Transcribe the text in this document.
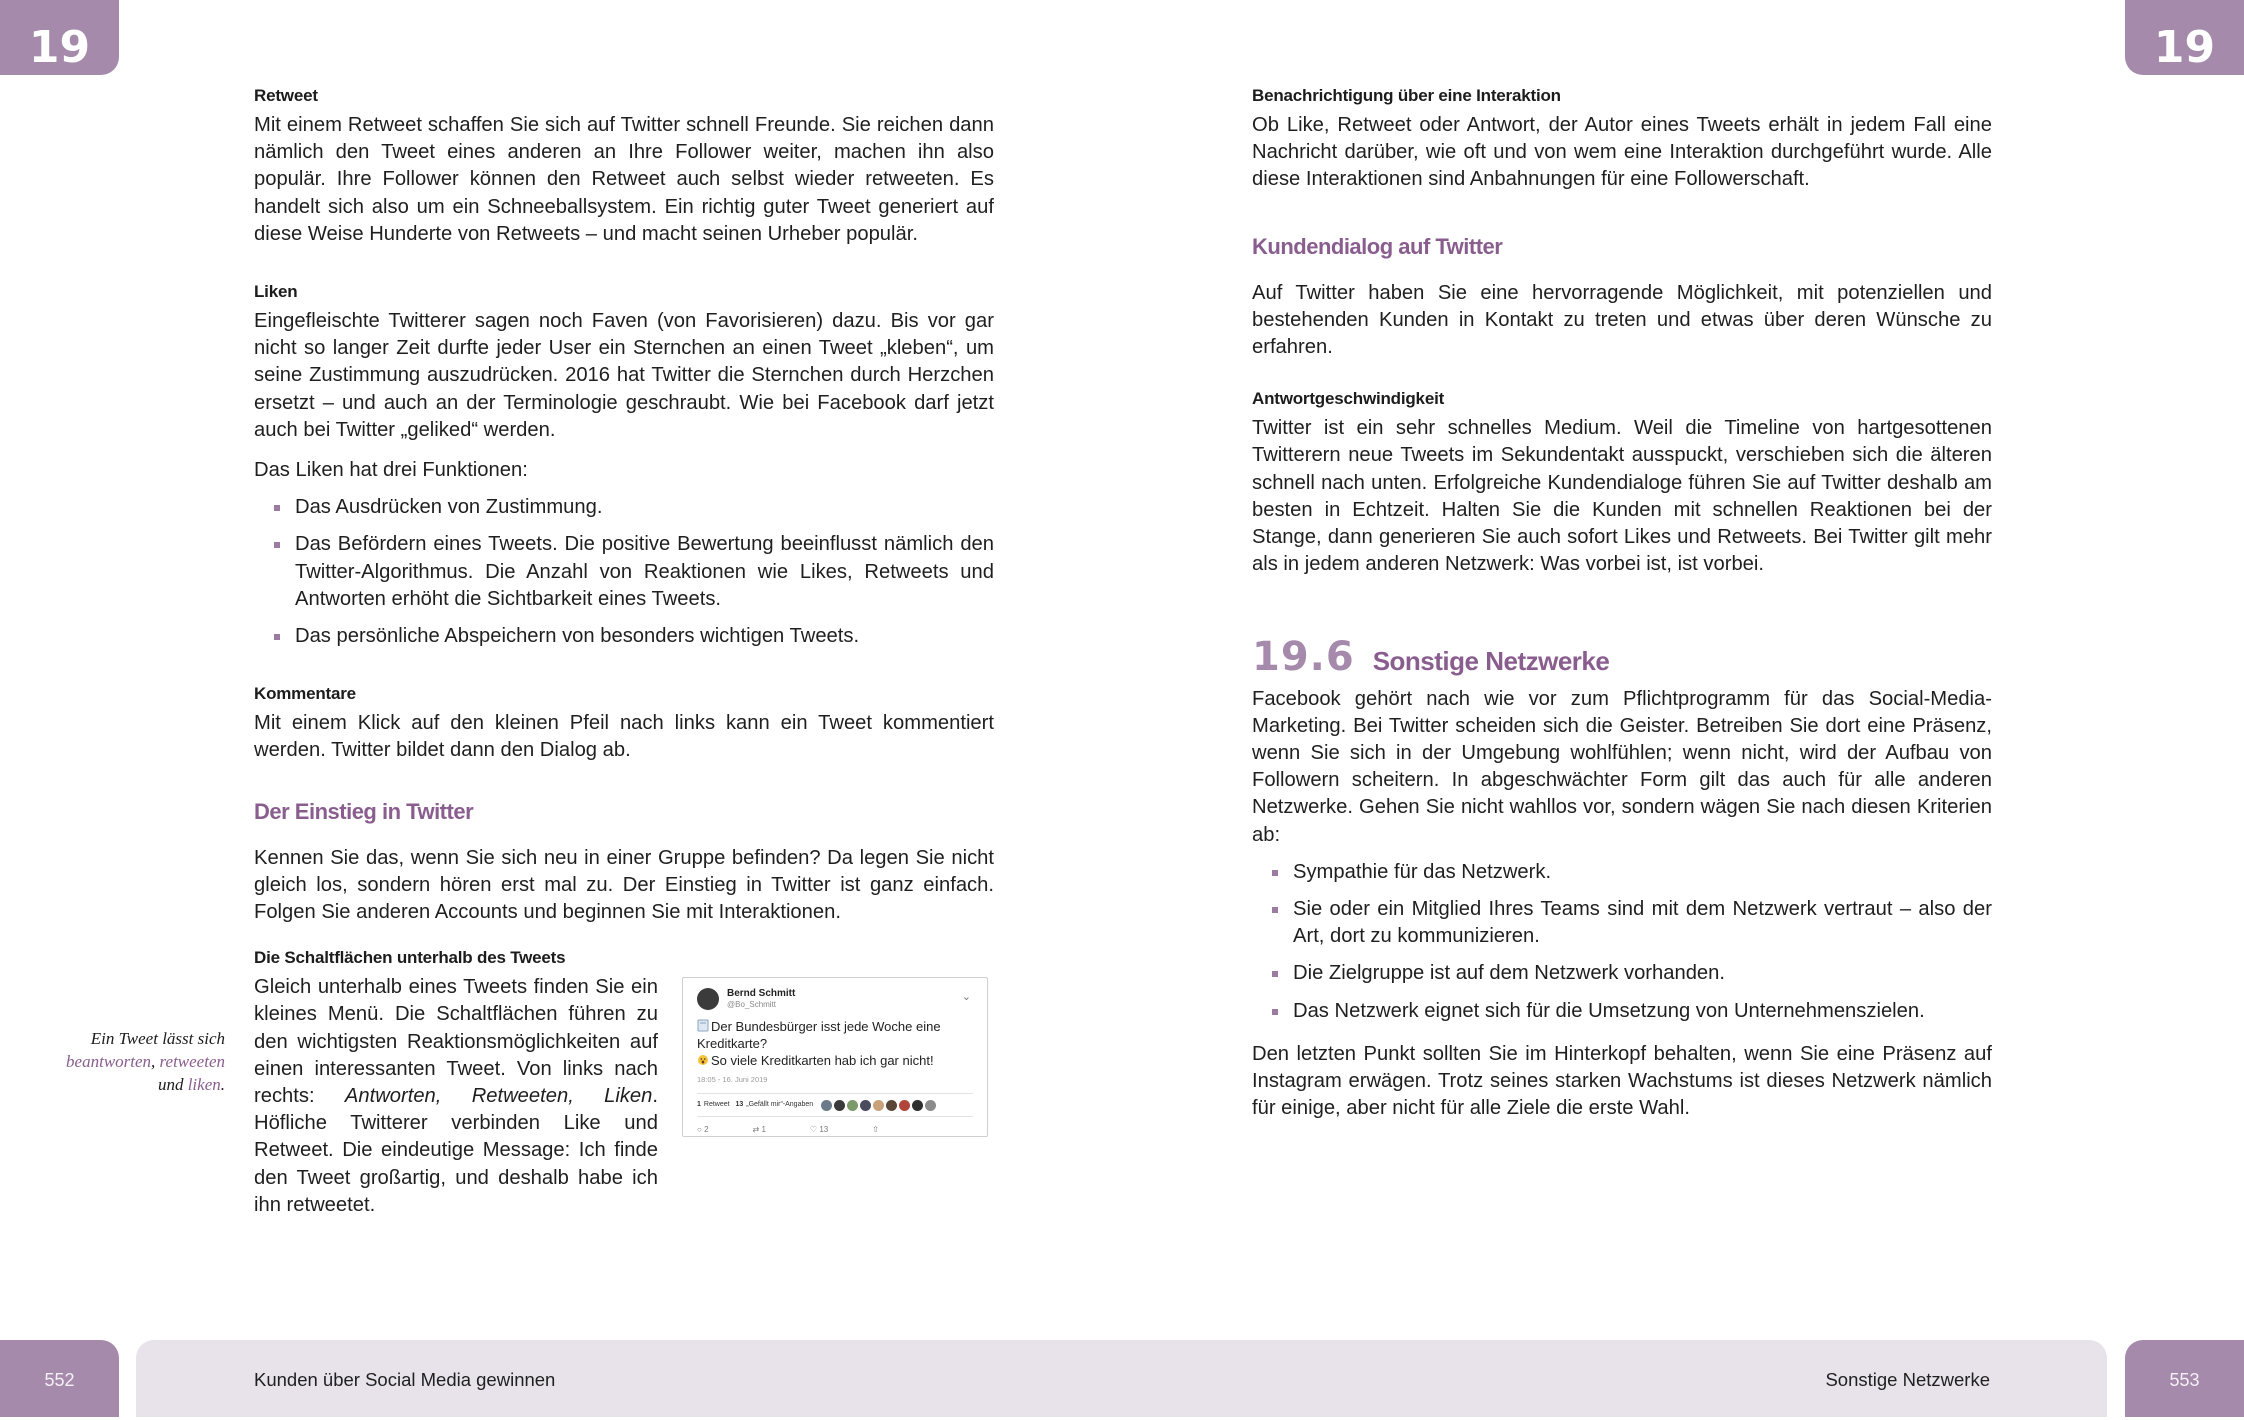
19	19
Ein Tweet lässt sich
beantworten, retweeten
und liken.
Retweet

Mit einem Retweet schaffen Sie sich auf Twitter schnell Freunde. Sie reichen dann nämlich den Tweet eines anderen an Ihre Follower weiter, machen ihn also populär. Ihre Follower können den Retweet auch selbst wieder retweeten. Es handelt sich also um ein Schneeballsystem. Ein richtig guter Tweet generiert auf diese Weise Hunderte von Retweets – und macht seinen Urheber populär.

Liken

Eingefleischte Twitterer sagen noch Faven (von Favorisieren) dazu. Bis vor gar nicht so langer Zeit durfte jeder User ein Sternchen an einen Tweet „kleben“, um seine Zustimmung auszudrücken. 2016 hat Twitter die Sternchen durch Herzchen ersetzt – und auch an der Terminologie geschraubt. Wie bei Facebook darf jetzt auch bei Twitter „geliked“ werden.

Das Liken hat drei Funktionen:

Das Ausdrücken von Zustimmung.
Das Befördern eines Tweets. Die positive Bewertung beeinflusst nämlich den Twitter-Algorithmus. Die Anzahl von Reaktionen wie Likes, Retweets und Antworten erhöht die Sichtbarkeit eines Tweets.
Das persönliche Abspeichern von besonders wichtigen Tweets.
Kommentare

Mit einem Klick auf den kleinen Pfeil nach links kann ein Tweet kommentiert werden. Twitter bildet dann den Dialog ab.

Der Einstieg in Twitter

Kennen Sie das, wenn Sie sich neu in einer Gruppe befinden? Da legen Sie nicht gleich los, sondern hören erst mal zu. Der Einstieg in Twitter ist ganz einfach. Folgen Sie anderen Accounts und beginnen Sie mit Interaktionen.

Die Schaltflächen unterhalb des Tweets

Gleich unterhalb eines Tweets finden Sie ein kleines Menü. Die Schaltflächen führen zu den wichtigsten Reaktionsmöglichkeiten auf einen interessanten Tweet. Von links nach rechts: Antworten, Retweeten, Liken. Höfliche Twitterer verbinden Like und Retweet. Die eindeutige Message: Ich finde den Tweet großartig, und deshalb habe ich ihn retweetet.

Bernd Schmitt
@Bo_Schmitt
⌄
Der Bundesbürger isst jede Woche eine Kreditkarte?
So viele Kreditkarten hab ich gar nicht!
18:05 - 16. Juni 2019
1 Retweet
13 „Gefällt mir“-Angaben
○ 2	⇄ 1	♡ 13	⇧
Benachrichtigung über eine Interaktion

Ob Like, Retweet oder Antwort, der Autor eines Tweets erhält in jedem Fall eine Nachricht darüber, wie oft und von wem eine Interaktion durchgeführt wurde. Alle diese Interaktionen sind Anbahnungen für eine Followerschaft.

Kundendialog auf Twitter

Auf Twitter haben Sie eine hervorragende Möglichkeit, mit potenziellen und bestehenden Kunden in Kontakt zu treten und etwas über deren Wünsche zu erfahren.

Antwortgeschwindigkeit

Twitter ist ein sehr schnelles Medium. Weil die Timeline von hartgesottenen Twitterern neue Tweets im Sekundentakt ausspuckt, verschieben sich die älteren schnell nach unten. Erfolgreiche Kundendialoge führen Sie auf Twitter deshalb am besten in Echtzeit. Halten Sie die Kunden mit schnellen Reaktionen bei der Stange, dann generieren Sie auch sofort Likes und Retweets. Bei Twitter gilt mehr als in jedem anderen Netzwerk: Was vorbei ist, ist vorbei.

19.6 Sonstige Netzwerke

Facebook gehört nach wie vor zum Pflichtprogramm für das Social-Media-Marketing. Bei Twitter scheiden sich die Geister. Betreiben Sie dort eine Präsenz, wenn Sie sich in der Umgebung wohlfühlen; wenn nicht, wird der Aufbau von Followern scheitern. In abgeschwächter Form gilt das auch für alle anderen Netzwerke. Gehen Sie nicht wahllos vor, sondern wägen Sie nach diesen Kriterien ab:

Sympathie für das Netzwerk.
Sie oder ein Mitglied Ihres Teams sind mit dem Netzwerk vertraut – also der Art, dort zu kommunizieren.
Die Zielgruppe ist auf dem Netzwerk vorhanden.
Das Netzwerk eignet sich für die Umsetzung von Unternehmenszielen.

Den letzten Punkt sollten Sie im Hinterkopf behalten, wenn Sie eine Präsenz auf Instagram erwägen. Trotz seines starken Wachstums ist dieses Netzwerk nämlich für einige, aber nicht für alle Ziele die erste Wahl.

552	553
Kunden über Social Media gewinnen	Sonstige Netzwerke
